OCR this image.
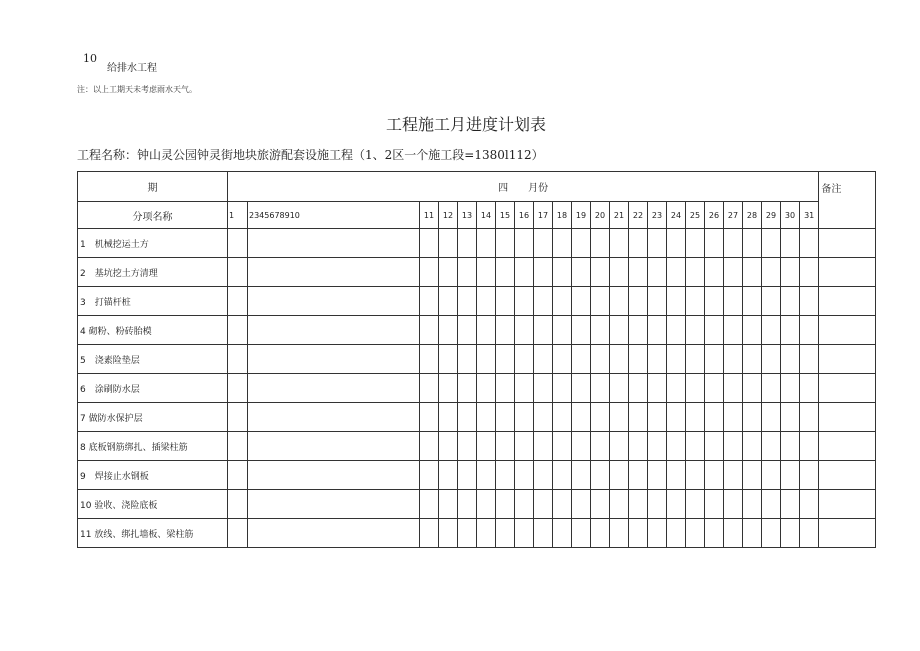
10
给排水工程
注：以上工期天未考虑雨水天气。
工程施工月进度计划表
工程名称：钟山灵公园钟灵街地块旅游配套设施工程（1、2区一个施工段=1380l112）
期	四　　月份																							备注
分项名称	1	2345678910	11	12	13	14	15	16	17	18	19	20	21	22	23	24	25	26	27	28	29	30	31	
1　机械挖运土方																								
2　基坑挖土方清理																								
3　打锚杆桩																								
4 砌粉、粉砖胎模																								
5　浇素险垫层																								
6　涂刷防水层																								
7 做防水保护层																								
8 底板钢筋绑扎、插梁柱筋																								
9　焊接止水钢板																								
10 验收、浇险底板																								
11 放线、绑扎墙板、梁柱筋																								
